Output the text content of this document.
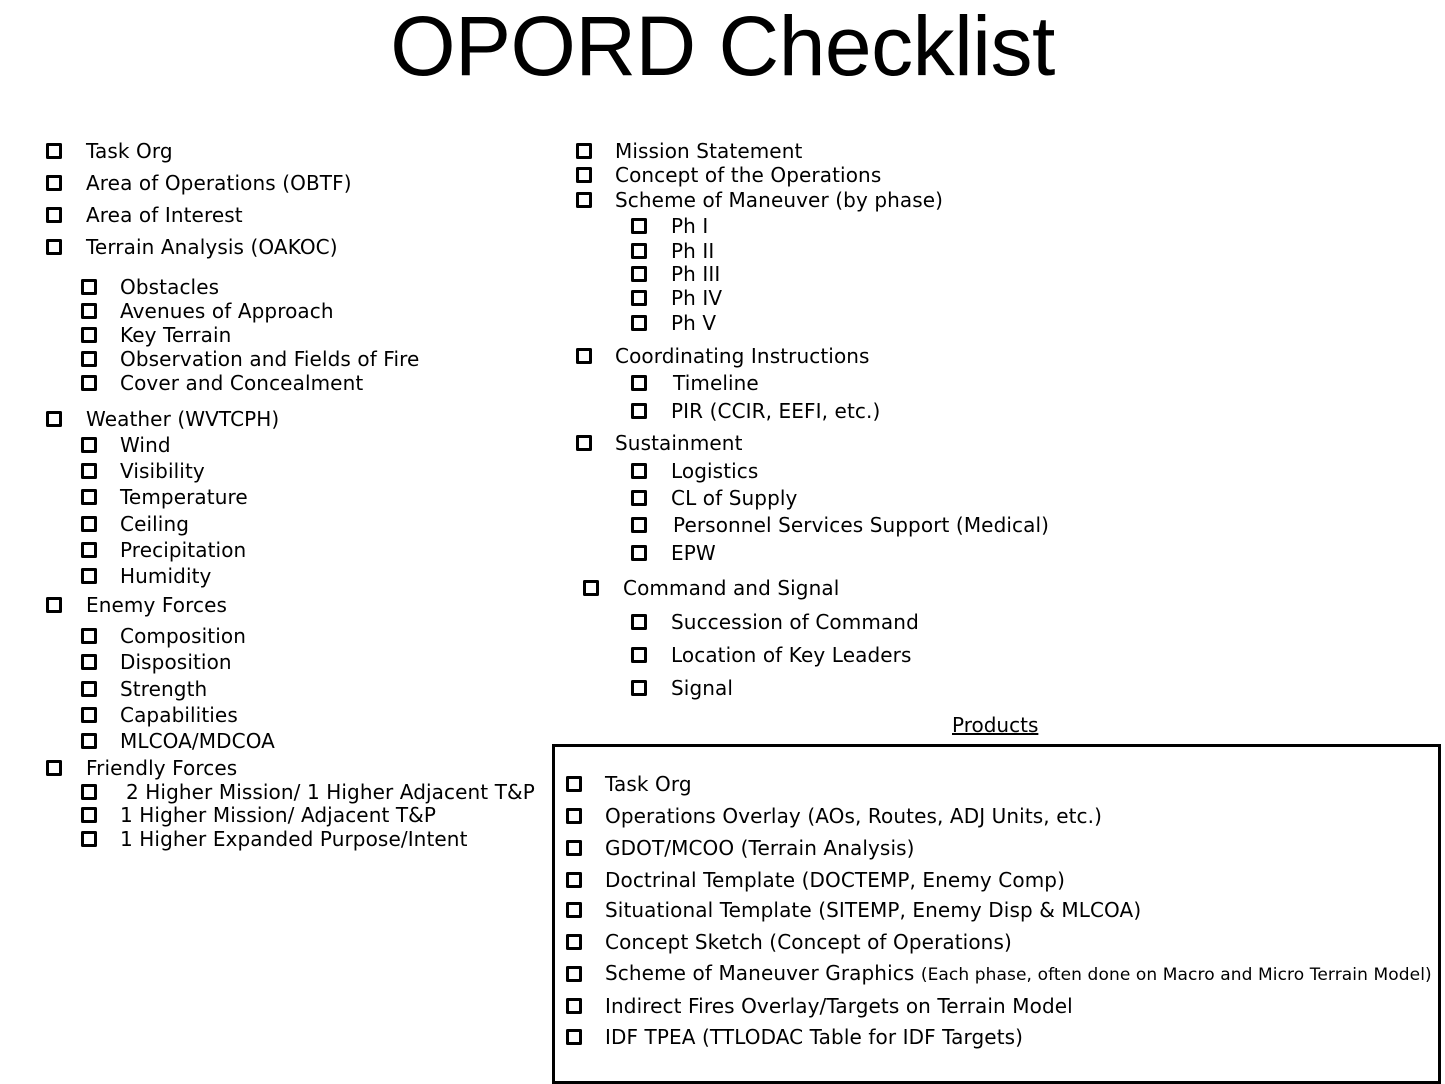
OPORD Checklist
Task Org
Area of Operations (OBTF)
Area of Interest
Terrain Analysis (OAKOC)
Obstacles
Avenues of Approach
Key Terrain
Observation and Fields of Fire
Cover and Concealment
Weather (WVTCPH)
Wind
Visibility
Temperature
Ceiling
Precipitation
Humidity
Enemy Forces
Composition
Disposition
Strength
Capabilities
MLCOA/MDCOA
Friendly Forces
2 Higher Mission/ 1 Higher Adjacent T&P
1 Higher Mission/ Adjacent T&P
1 Higher Expanded Purpose/Intent
Mission Statement
Concept of the Operations
Scheme of Maneuver (by phase)
Ph I
Ph II
Ph III
Ph IV
Ph V
Coordinating Instructions
Timeline
PIR (CCIR, EEFI, etc.)
Sustainment
Logistics
CL of Supply
Personnel Services Support (Medical)
EPW
Command and Signal
Succession of Command
Location of Key Leaders
Signal
Products
Task Org
Operations Overlay (AOs, Routes, ADJ Units, etc.)
GDOT/MCOO (Terrain Analysis)
Doctrinal Template (DOCTEMP, Enemy Comp)
Situational Template (SITEMP, Enemy Disp & MLCOA)
Concept Sketch (Concept of Operations)
Scheme of Maneuver Graphics (Each phase, often done on Macro and Micro Terrain Model)
Indirect Fires Overlay/Targets on Terrain Model
IDF TPEA (TTLODAC Table for IDF Targets)
